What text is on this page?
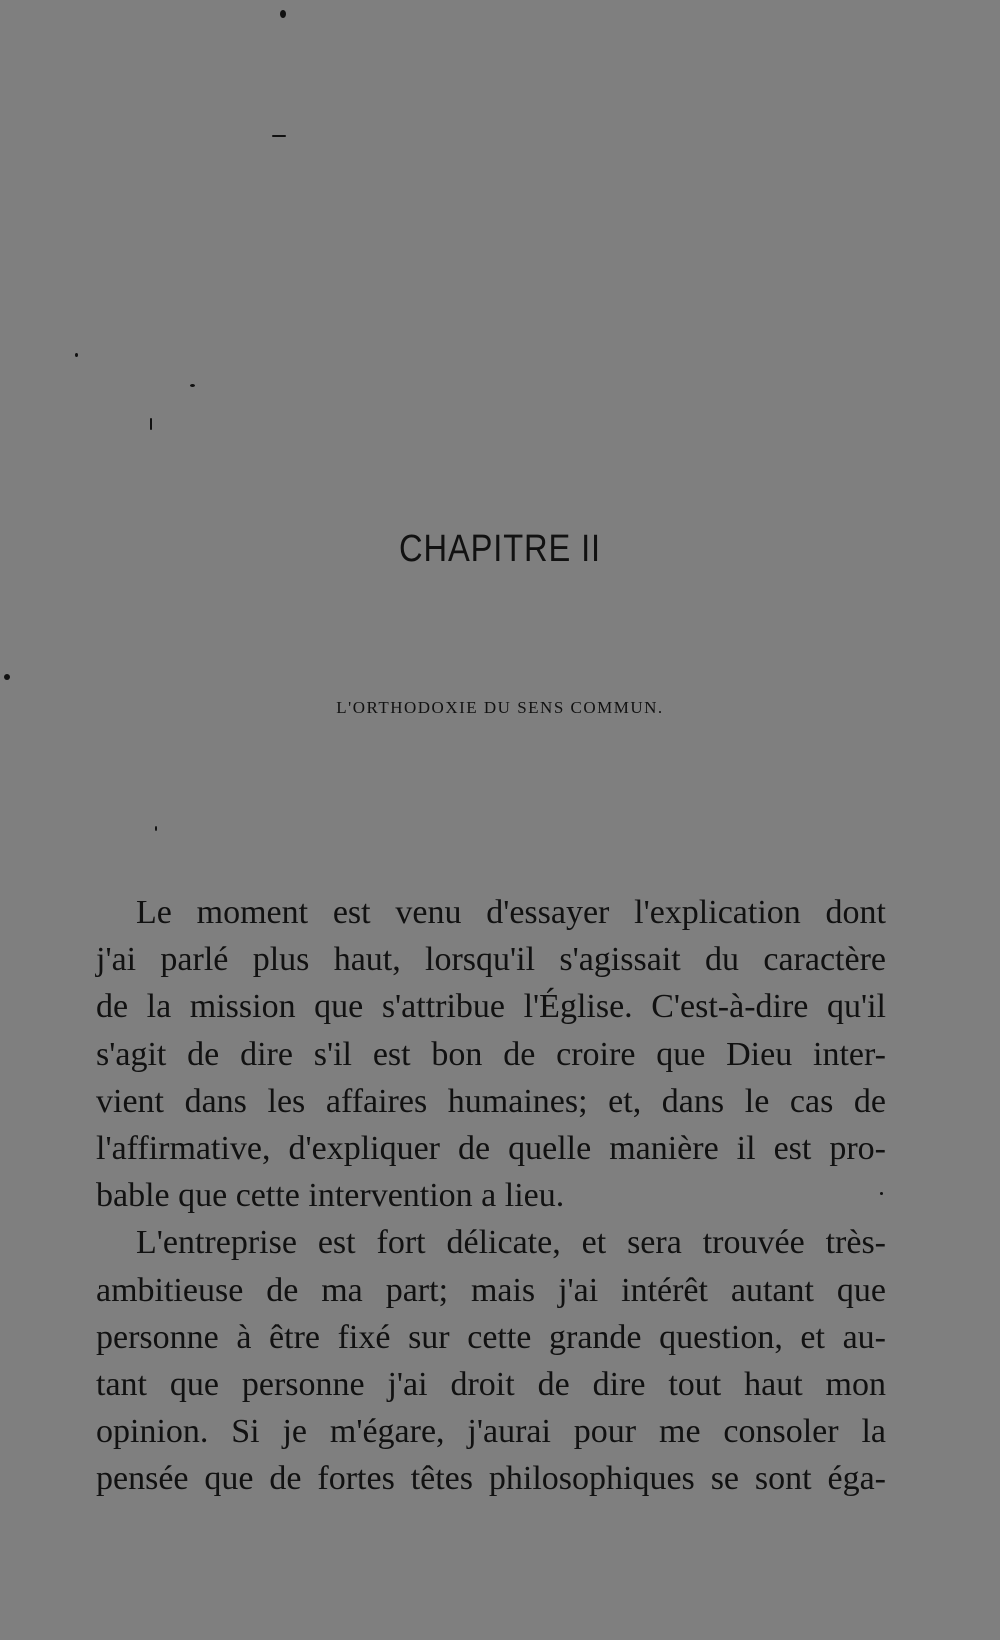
CHAPITRE II
L'ORTHODOXIE DU SENS COMMUN.
Le moment est venu d'essayer l'explication dont
j'ai parlé plus haut, lorsqu'il s'agissait du caractère
de la mission que s'attribue l'Église. C'est-à-dire qu'il
s'agit de dire s'il est bon de croire que Dieu inter-
vient dans les affaires humaines; et, dans le cas de
l'affirmative, d'expliquer de quelle manière il est pro-
bable que cette intervention a lieu.
L'entreprise est fort délicate, et sera trouvée très-
ambitieuse de ma part; mais j'ai intérêt autant que
personne à être fixé sur cette grande question, et au-
tant que personne j'ai droit de dire tout haut mon
opinion. Si je m'égare, j'aurai pour me consoler la
pensée que de fortes têtes philosophiques se sont éga-
